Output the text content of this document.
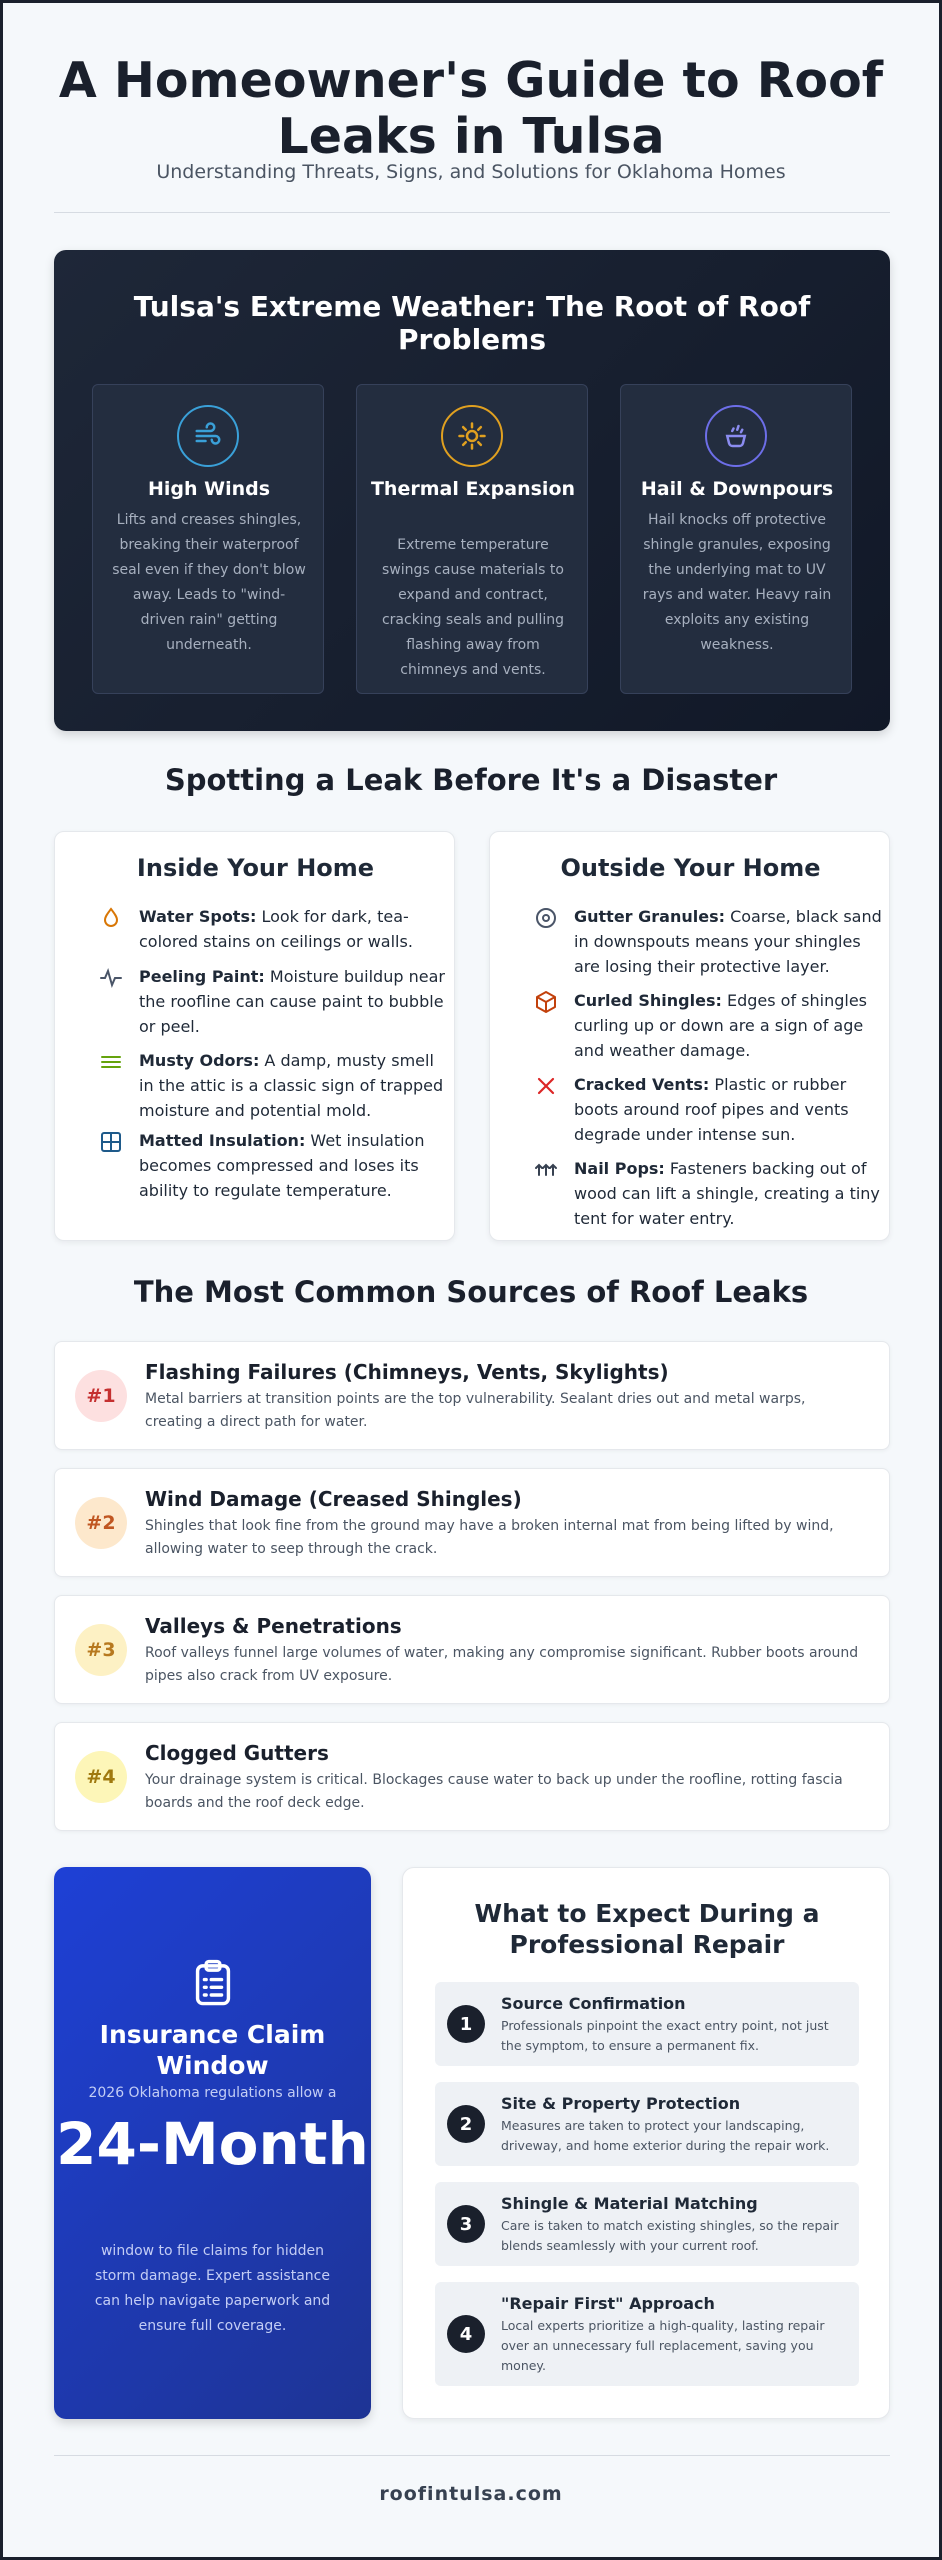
A Homeowner's Guide to Roof Leaks in Tulsa
Understanding Threats, Signs, and Solutions for Oklahoma Homes
Tulsa's Extreme Weather: The Root of Roof Problems
High Winds
Lifts and creases shingles, breaking their waterproof seal even if they don't blow away. Leads to "wind-driven rain" getting underneath.
Thermal Expansion
Extreme temperature swings cause materials to expand and contract, cracking seals and pulling flashing away from chimneys and vents.
Hail & Downpours
Hail knocks off protective shingle granules, exposing the underlying mat to UV rays and water. Heavy rain exploits any existing weakness.
Spotting a Leak Before It's a Disaster
Inside Your Home
Water Spots: Look for dark, tea-colored stains on ceilings or walls.
Peeling Paint: Moisture buildup near the roofline can cause paint to bubble or peel.
Musty Odors: A damp, musty smell in the attic is a classic sign of trapped moisture and potential mold.
Matted Insulation: Wet insulation becomes compressed and loses its ability to regulate temperature.
Outside Your Home
Gutter Granules: Coarse, black sand in downspouts means your shingles are losing their protective layer.
Curled Shingles: Edges of shingles curling up or down are a sign of age and weather damage.
Cracked Vents: Plastic or rubber boots around roof pipes and vents degrade under intense sun.
Nail Pops: Fasteners backing out of wood can lift a shingle, creating a tiny tent for water entry.
The Most Common Sources of Roof Leaks
#1
Flashing Failures (Chimneys, Vents, Skylights)
Metal barriers at transition points are the top vulnerability. Sealant dries out and metal warps, creating a direct path for water.
#2
Wind Damage (Creased Shingles)
Shingles that look fine from the ground may have a broken internal mat from being lifted by wind, allowing water to seep through the crack.
#3
Valleys & Penetrations
Roof valleys funnel large volumes of water, making any compromise significant. Rubber boots around pipes also crack from UV exposure.
#4
Clogged Gutters
Your drainage system is critical. Blockages cause water to back up under the roofline, rotting fascia boards and the roof deck edge.
Insurance Claim Window
2026 Oklahoma regulations allow a
24-Month
window to file claims for hidden storm damage. Expert assistance can help navigate paperwork and ensure full coverage.
What to Expect During a Professional Repair
1
Source Confirmation
Professionals pinpoint the exact entry point, not just the symptom, to ensure a permanent fix.
2
Site & Property Protection
Measures are taken to protect your landscaping, driveway, and home exterior during the repair work.
3
Shingle & Material Matching
Care is taken to match existing shingles, so the repair blends seamlessly with your current roof.
4
"Repair First" Approach
Local experts prioritize a high-quality, lasting repair over an unnecessary full replacement, saving you money.
roofintulsa.com
